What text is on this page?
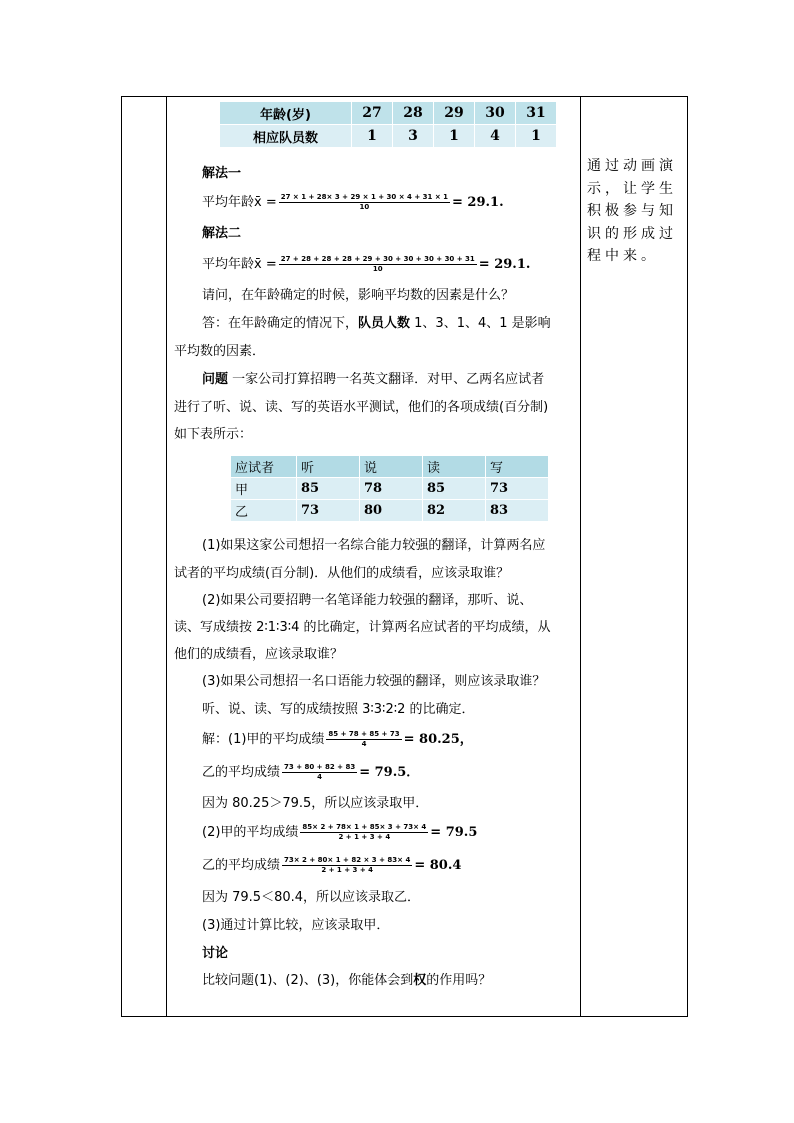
年龄(岁)	27	28	29	30	31
相应队员数	1	3	1	4	1
解法一
平均年龄x̄ = $\frac{27 \times 1 + 28\times 3 + 29 \times 1 + 30 \times 4 + 31 \times 1}{10} = 29.1$.
解法二
平均年龄x̄ = $\frac{27 + 28 + 28 + 28 + 29 + 30 + 30 + 30 + 30 + 31}{10} = 29.1$.
请问，在年龄确定的时候，影响平均数的因素是什么？
答：在年龄确定的情况下，队员人数 1、3、1、4、1 是影响
平均数的因素．
问题 一家公司打算招聘一名英文翻译．对甲、乙两名应试者
进行了听、说、读、写的英语水平测试，他们的各项成绩(百分制)
如下表所示：
应试者	听	说	读	写
甲	85	78	85	73
乙	73	80	82	83
(1)如果这家公司想招一名综合能力较强的翻译，计算两名应
试者的平均成绩(百分制)．从他们的成绩看，应该录取谁？
(2)如果公司要招聘一名笔译能力较强的翻译，那听、说、
读、写成绩按 2∶1∶3∶4 的比确定，计算两名应试者的平均成绩，从
他们的成绩看，应该录取谁？
(3)如果公司想招一名口语能力较强的翻译，则应该录取谁？
听、说、读、写的成绩按照 3∶3∶2∶2 的比确定．
解：(1)甲的平均成绩 $\frac{85 + 78 + 85 + 73}{4} = 80.25$，
乙的平均成绩 $\frac{73 + 80 + 82 + 83}{4} = 79.5$．
因为 80.25＞79.5，所以应该录取甲．
(2)甲的平均成绩 $\frac{85\times 2 + 78\times 1 + 85\times 3 + 73\times 4}{2 + 1 + 3 + 4} = 79.5$
乙的平均成绩 $\frac{73\times 2 + 80\times 1 + 82 \times 3 + 83\times 4}{2 + 1 + 3 + 4} = 80.4$
因为 79.5＜80.4，所以应该录取乙．
(3)通过计算比较，应该录取甲．
讨论
比较问题(1)、(2)、(3)，你能体会到权的作用吗？
通过动画演示，让学生积极参与知识的形成过程中来。
